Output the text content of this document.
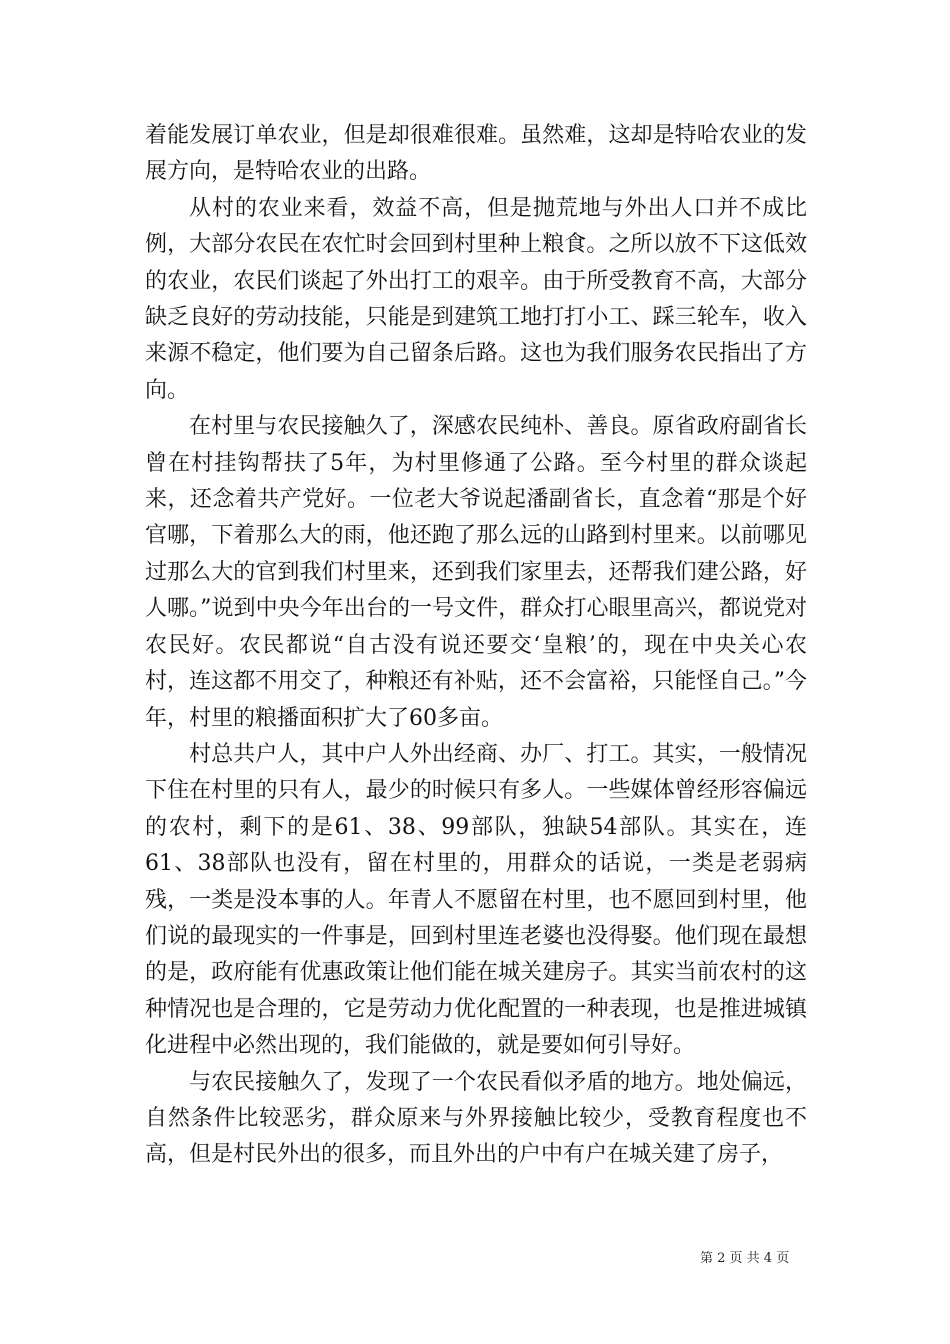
着能发展订单农业，但是却很难很难。虽然难，这却是特哈农业的发展方向，是特哈农业的出路。

从村的农业来看，效益不高，但是抛荒地与外出人口并不成比例，大部分农民在农忙时会回到村里种上粮食。之所以放不下这低效的农业，农民们谈起了外出打工的艰辛。由于所受教育不高，大部分缺乏良好的劳动技能，只能是到建筑工地打打小工、踩三轮车，收入来源不稳定，他们要为自己留条后路。这也为我们服务农民指出了方向。

在村里与农民接触久了，深感农民纯朴、善良。原省政府副省长曾在村挂钩帮扶了5年，为村里修通了公路。至今村里的群众谈起来，还念着共产党好。一位老大爷说起潘副省长，直念着“那是个好官哪，下着那么大的雨，他还跑了那么远的山路到村里来。以前哪见过那么大的官到我们村里来，还到我们家里去，还帮我们建公路，好人哪。”说到中央今年出台的一号文件，群众打心眼里高兴，都说党对农民好。农民都说“自古没有说还要交‘皇粮’的，现在中央关心农村，连这都不用交了，种粮还有补贴，还不会富裕，只能怪自己。”今年，村里的粮播面积扩大了60多亩。

村总共户人，其中户人外出经商、办厂、打工。其实，一般情况下住在村里的只有人，最少的时候只有多人。一些媒体曾经形容偏远的农村，剩下的是61、38、99部队，独缺54部队。其实在，连61、38部队也没有，留在村里的，用群众的话说，一类是老弱病残，一类是没本事的人。年青人不愿留在村里，也不愿回到村里，他们说的最现实的一件事是，回到村里连老婆也没得娶。他们现在最想的是，政府能有优惠政策让他们能在城关建房子。其实当前农村的这种情况也是合理的，它是劳动力优化配置的一种表现，也是推进城镇化进程中必然出现的，我们能做的，就是要如何引导好。

与农民接触久了，发现了一个农民看似矛盾的地方。地处偏远，自然条件比较恶劣，群众原来与外界接触比较少，受教育程度也不高，但是村民外出的很多，而且外出的户中有户在城关建了房子，

第 2 页 共 4 页
